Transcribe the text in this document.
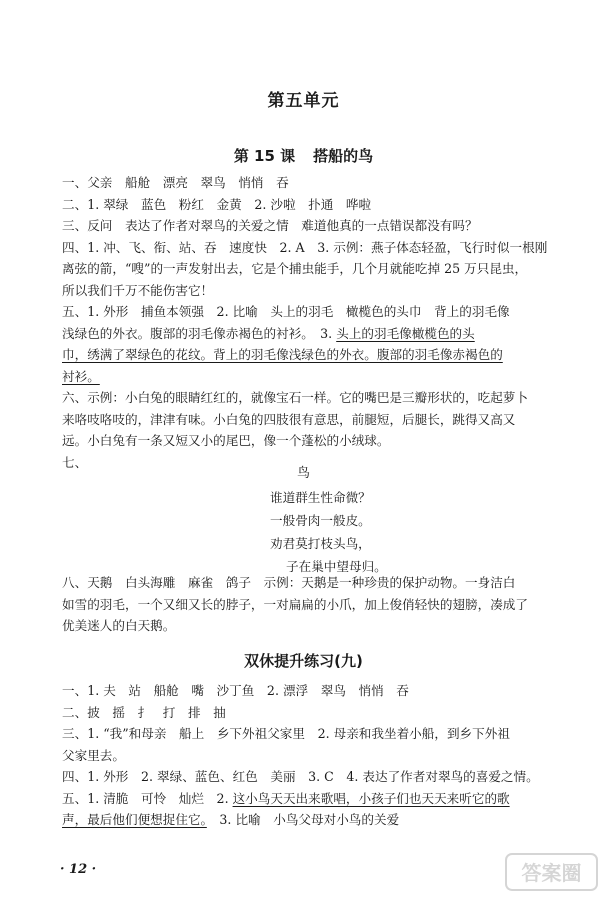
第五单元
第 15 课 搭船的鸟
一、父亲　船舱　漂亮　翠鸟　悄悄　吞
二、1. 翠绿　蓝色　粉红　金黄　2. 沙啦　扑通　哗啦
三、反问　表达了作者对翠鸟的关爱之情　难道他真的一点错误都没有吗？
四、1. 冲、飞、衔、站、吞　速度快　2. A　3. 示例：燕子体态轻盈，飞行时似一根刚
离弦的箭，“嗖”的一声发射出去，它是个捕虫能手，几个月就能吃掉 25 万只昆虫，
所以我们千万不能伤害它！
五、1. 外形　捕鱼本领强　2. 比喻　头上的羽毛　橄榄色的头巾　背上的羽毛像
浅绿色的外衣。腹部的羽毛像赤褐色的衬衫。　3. 头上的羽毛像橄榄色的头
巾，绣满了翠绿色的花纹。背上的羽毛像浅绿色的外衣。腹部的羽毛像赤褐色的
衬衫。
六、示例：小白兔的眼睛红红的，就像宝石一样。它的嘴巴是三瓣形状的，吃起萝卜
来咯吱咯吱的，津津有味。小白兔的四肢很有意思，前腿短，后腿长，跳得又高又
远。小白兔有一条又短又小的尾巴，像一个蓬松的小绒球。
七、
鸟
谁道群生性命微？
一般骨肉一般皮。
劝君莫打枝头鸟，
子在巢中望母归。
八、天鹅　白头海雕　麻雀　鸽子　示例：天鹅是一种珍贵的保护动物。一身洁白
如雪的羽毛，一个又细又长的脖子，一对扁扁的小爪，加上俊俏轻快的翅膀，凑成了
优美迷人的白天鹅。
双休提升练习(九)
一、1. 夫　站　船舱　嘴　沙丁鱼　2. 漂浮　翠鸟　悄悄　吞
二、披　摇　扌　打　排　抽
三、1. “我”和母亲　船上　乡下外祖父家里　2. 母亲和我坐着小船，到乡下外祖
父家里去。
四、1. 外形　2. 翠绿、蓝色、红色　美丽　3. C　4. 表达了作者对翠鸟的喜爱之情。
五、1. 清脆　可怜　灿烂　2. 这小鸟天天出来歌唱，小孩子们也天天来听它的歌
声，最后他们便想捉住它。　3. 比喻　小鸟父母对小鸟的关爱
· 12 ·	答案圈
